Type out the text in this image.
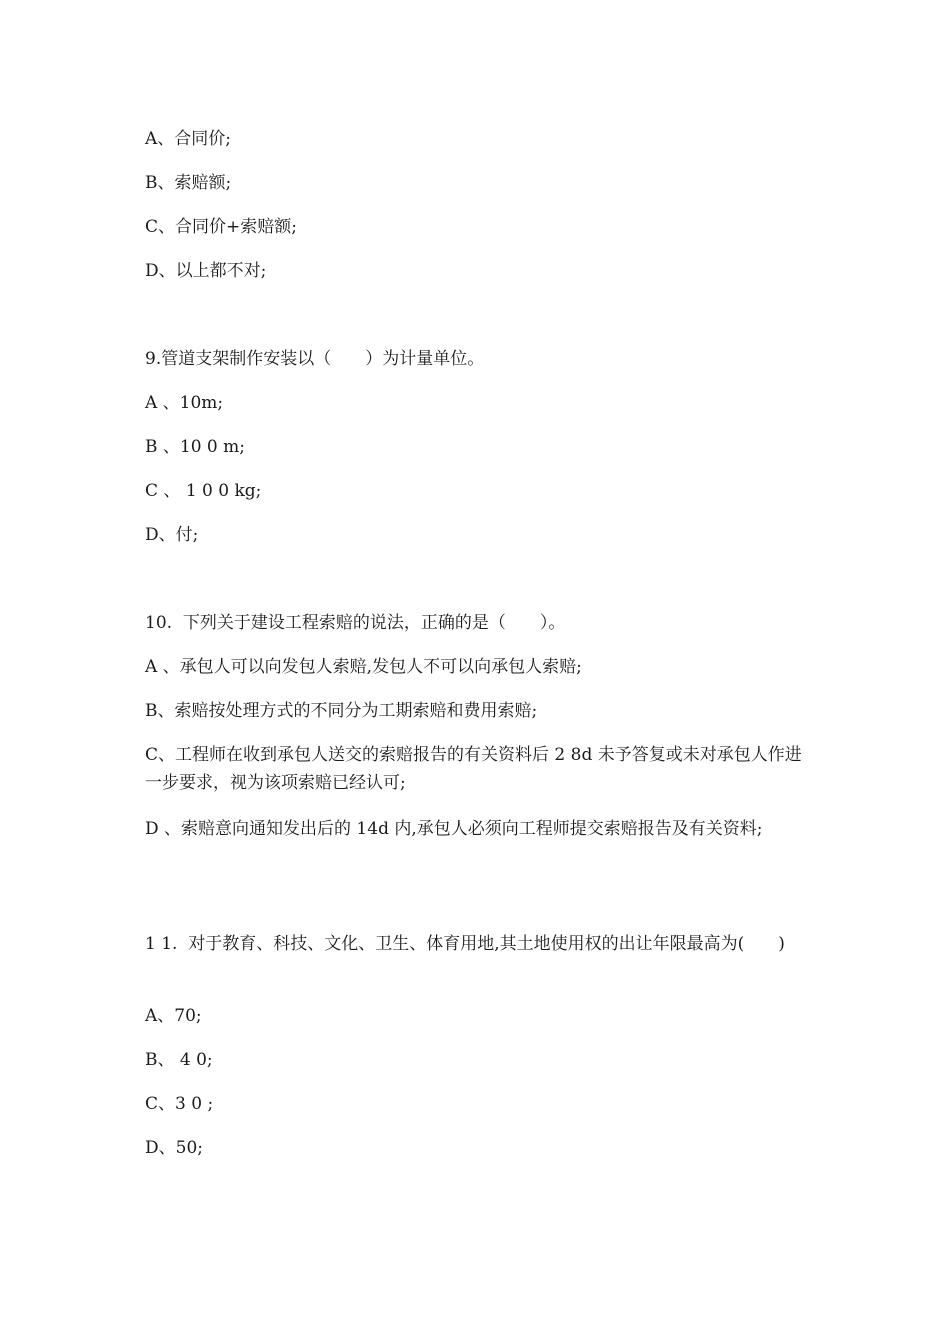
A、合同价;
B、索赔额;
C、合同价+索赔额;
D、以上都不对;
9.管道支架制作安装以（　　）为计量单位。
A 、10m;
B 、10 0 m;
C 、 1 0 0 kg;
D、付;
10.  下列关于建设工程索赔的说法，正确的是（　　）。
A 、承包人可以向发包人索赔,发包人不可以向承包人索赔;
B、索赔按处理方式的不同分为工期索赔和费用索赔;
C、工程师在收到承包人送交的索赔报告的有关资料后 2 8d 未予答复或未对承包人作进一步要求，视为该项索赔已经认可;
D 、索赔意向通知发出后的 14d 内,承包人必须向工程师提交索赔报告及有关资料;
1 1.  对于教育、科技、文化、卫生、体育用地,其土地使用权的出让年限最高为(　　)
A、70;
B、 4 0;
C、3 0 ;
D、50;
